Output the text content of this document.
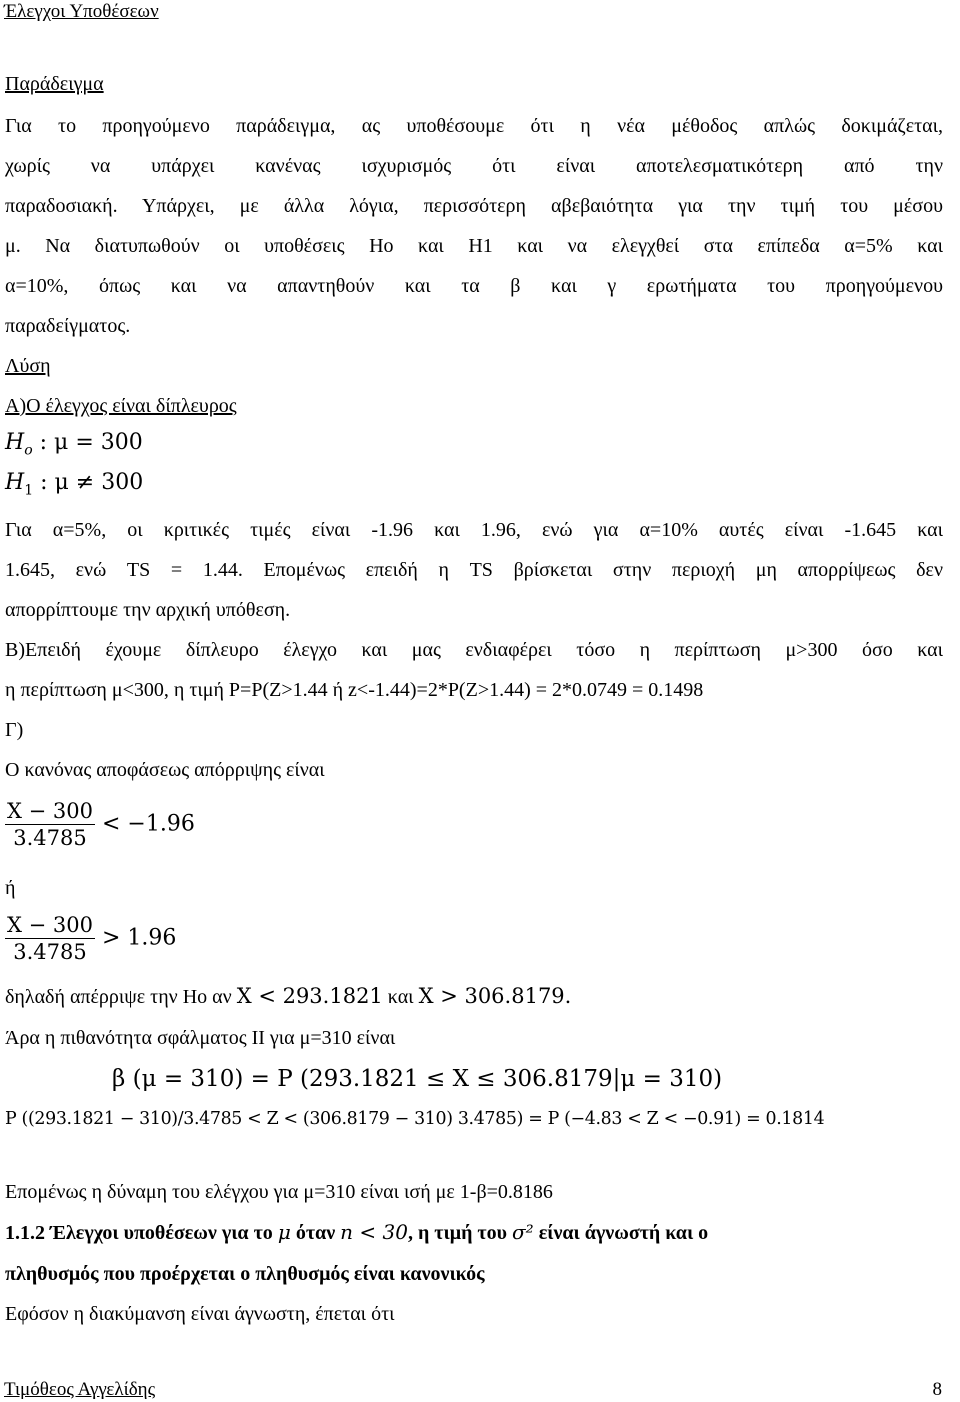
Έλεγχοι Υποθέσεων
Παράδειγμα
Για το προηγούμενο παράδειγμα, ας υποθέσουμε ότι η νέα μέθοδος απλώς δοκιμάζεται,
χωρίς να υπάρχει κανένας ισχυρισμός ότι είναι αποτελεσματικότερη από την
παραδοσιακή. Υπάρχει, με άλλα λόγια, περισσότερη αβεβαιότητα για την τιμή του μέσου
μ. Να διατυπωθούν οι υποθέσεις Ηο και Η1 και να ελεγχθεί στα επίπεδα α=5% και
α=10%, όπως και να απαντηθούν και τα β και γ ερωτήματα του προηγούμενου
παραδείγματος.
Λύση
Α)Ο έλεγχος είναι δίπλευρος
$H_o$ : μ = 300
$H_1$ : μ ≠ 300
Για α=5%, οι κριτικές τιμές είναι -1.96 και 1.96, ενώ για α=10% αυτές είναι -1.645 και
1.645, ενώ TS = 1.44. Επομένως επειδή η TS βρίσκεται στην περιοχή μη απορρίψεως δεν
απορρίπτουμε την αρχική υπόθεση.
Β)Επειδή έχουμε δίπλευρο έλεγχο και μας ενδιαφέρει τόσο η περίπτωση μ>300 όσο και
η περίπτωση μ<300, η τιμή P=P(Z>1.44 ή z<-1.44)=2*P(Z>1.44) = 2*0.0749 = 0.1498
Γ)
Ο κανόνας αποφάσεως απόρριψης είναι
$\frac{X - 300}{3.4785} < -1.96$
ή
$\frac{X - 300}{3.4785} > 1.96$
δηλαδή απέρριψε την Ηο αν X < 293.1821 και X > 306.8179.
Άρα η πιθανότητα σφάλματος ΙΙ για μ=310 είναι
β (μ = 310) = P (293.1821 ≤ X ≤ 306.8179|μ = 310)
P ((293.1821 − 310)/3.4785 < Z < (306.8179 − 310) 3.4785) = P (−4.83 < Z < −0.91) = 0.1814
Επομένως η δύναμη του ελέγχου για μ=310 είναι ισή με 1-β=0.8186
1.1.2 Έλεγχοι υποθέσεων για το μ όταν n < 30, η τιμή του σ² είναι άγνωστή και ο
πληθυσμός που προέρχεται ο πληθυσμός είναι κανονικός
Εφόσον η διακύμανση είναι άγνωστη, έπεται ότι
Τιμόθεος Αγγελίδης	8
